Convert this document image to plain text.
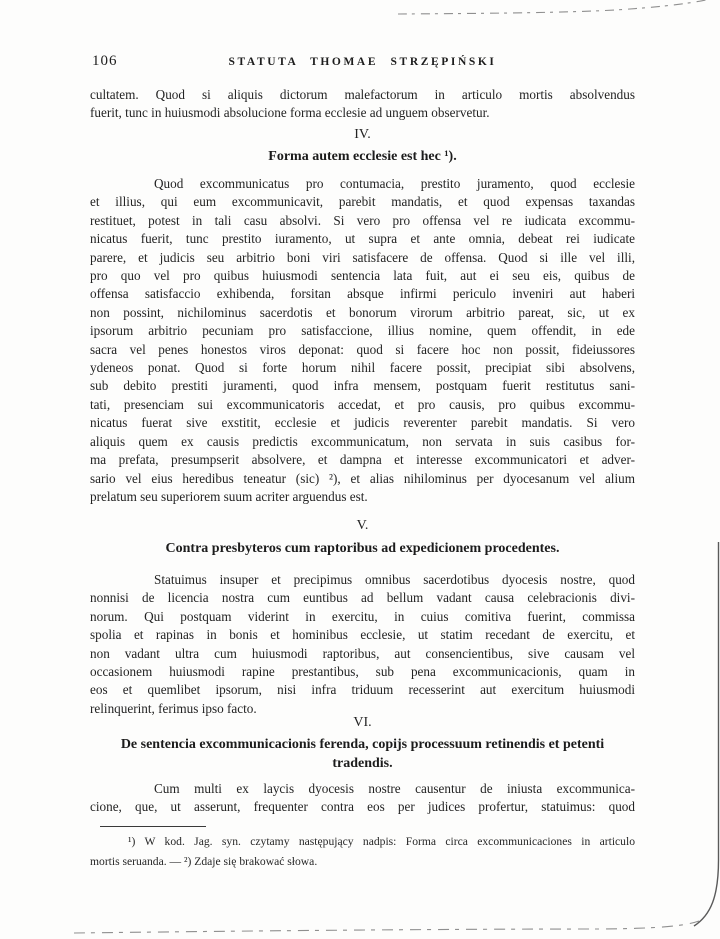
106	STATUTA THOMAE STRZĘPIŃSKI
cultatem. Quod si aliquis dictorum malefactorum in articulo mortis absolvendus
fuerit, tunc in huiusmodi absolucione forma ecclesie ad unguem observetur.
IV.
Forma autem ecclesie est hec ¹).
Quod excommunicatus pro contumacia, prestito juramento, quod ecclesie
et illius, qui eum excommunicavit, parebit mandatis, et quod expensas taxandas
restituet, potest in tali casu absolvi. Si vero pro offensa vel re iudicata excommu-
nicatus fuerit, tunc prestito iuramento, ut supra et ante omnia, debeat rei iudicate
parere, et judicis seu arbitrio boni viri satisfacere de offensa. Quod si ille vel illi,
pro quo vel pro quibus huiusmodi sentencia lata fuit, aut ei seu eis, quibus de
offensa satisfaccio exhibenda, forsitan absque infirmi periculo inveniri aut haberi
non possint, nichilominus sacerdotis et bonorum virorum arbitrio pareat, sic, ut ex
ipsorum arbitrio pecuniam pro satisfaccione, illius nomine, quem offendit, in ede
sacra vel penes honestos viros deponat: quod si facere hoc non possit, fideiussores
ydeneos ponat. Quod si forte horum nihil facere possit, precipiat sibi absolvens,
sub debito prestiti juramenti, quod infra mensem, postquam fuerit restitutus sani-
tati, presenciam sui excommunicatoris accedat, et pro causis, pro quibus excommu-
nicatus fuerat sive exstitit, ecclesie et judicis reverenter parebit mandatis. Si vero
aliquis quem ex causis predictis excommunicatum, non servata in suis casibus for-
ma prefata, presumpserit absolvere, et dampna et interesse excommunicatori et adver-
sario vel eius heredibus teneatur (sic) ²), et alias nihilominus per dyocesanum vel alium
prelatum seu superiorem suum acriter arguendus est.
V.
Contra presbyteros cum raptoribus ad expedicionem procedentes.
Statuimus insuper et precipimus omnibus sacerdotibus dyocesis nostre, quod
nonnisi de licencia nostra cum euntibus ad bellum vadant causa celebracionis divi-
norum. Qui postquam viderint in exercitu, in cuius comitiva fuerint, commissa
spolia et rapinas in bonis et hominibus ecclesie, ut statim recedant de exercitu, et
non vadant ultra cum huiusmodi raptoribus, aut consencientibus, sive causam vel
occasionem huiusmodi rapine prestantibus, sub pena excommunicacionis, quam in
eos et quemlibet ipsorum, nisi infra triduum recesserint aut exercitum huiusmodi
relinquerint, ferimus ipso facto.
VI.
De sentencia excommunicacionis ferenda, copijs processuum retinendis et petenti
tradendis.
Cum multi ex laycis dyocesis nostre causentur de iniusta excommunica-
cione, que, ut asserunt, frequenter contra eos per judices profertur, statuimus: quod
¹) W kod. Jag. syn. czytamy następujący nadpis: Forma circa excommunicaciones in articulo
mortis seruanda. — ²) Zdaje się brakować słowa.
